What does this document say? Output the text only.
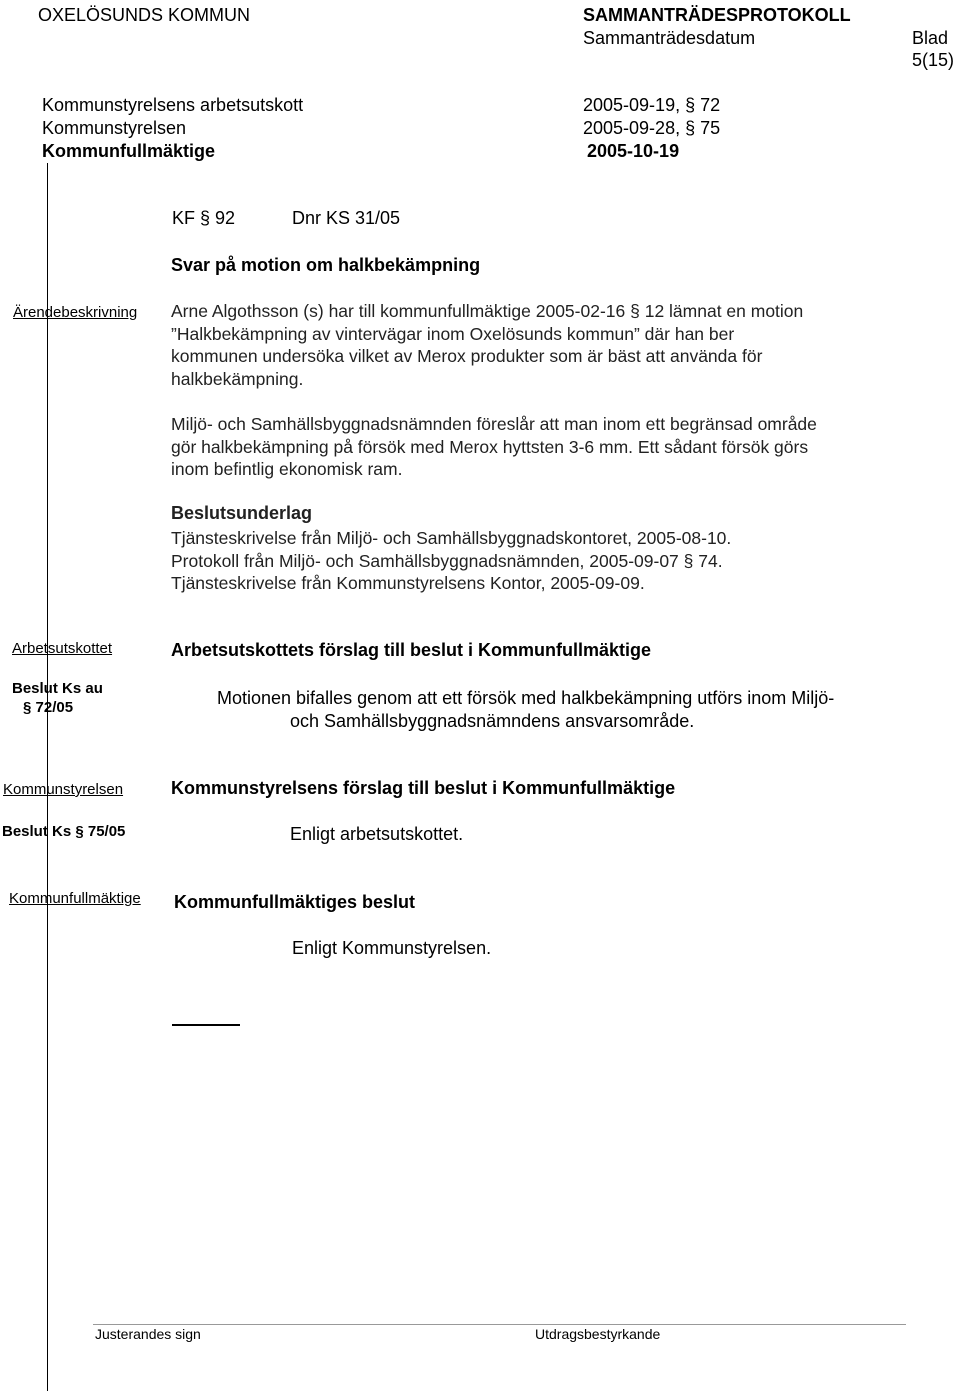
OXELÖSUNDS KOMMUN	SAMMANTRÄDESPROTOKOLL
Sammanträdesdatum	Blad
5(15)
Kommunstyrelsens arbetsutskott	2005-09-19, § 72
Kommunstyrelsen	2005-09-28, § 75
Kommunfullmäktige	2005-10-19
KF § 92	Dnr KS 31/05
Svar på motion om halkbekämpning
Ärendebeskrivning Arne Algothsson (s) har till kommunfullmäktige 2005-02-16 § 12 lämnat en motion
”Halkbekämpning av vintervägar inom Oxelösunds kommun” där han ber
kommunen undersöka vilket av Merox produkter som är bäst att använda för
halkbekämpning.
Miljö- och Samhällsbyggnadsnämnden föreslår att man inom ett begränsad område
gör halkbekämpning på försök med Merox hyttsten 3-6 mm. Ett sådant försök görs
inom befintlig ekonomisk ram.
Beslutsunderlag
Tjänsteskrivelse från Miljö- och Samhällsbyggnadskontoret, 2005-08-10.
Protokoll från Miljö- och Samhällsbyggnadsnämnden, 2005-09-07 § 74.
Tjänsteskrivelse från Kommunstyrelsens Kontor, 2005-09-09.
Arbetsutskottet
Beslut Ks au
§ 72/05
Arbetsutskottets förslag till beslut i Kommunfullmäktige
Motionen bifalles genom att ett försök med halkbekämpning utförs inom Miljö-
och Samhällsbyggnadsnämndens ansvarsområde.
Kommunstyrelsen
Beslut Ks § 75/05
Kommunstyrelsens förslag till beslut i Kommunfullmäktige
Enligt arbetsutskottet.
Kommunfullmäktige Kommunfullmäktiges beslut
Enligt Kommunstyrelsen.
Justerandes sign	Utdragsbestyrkande
